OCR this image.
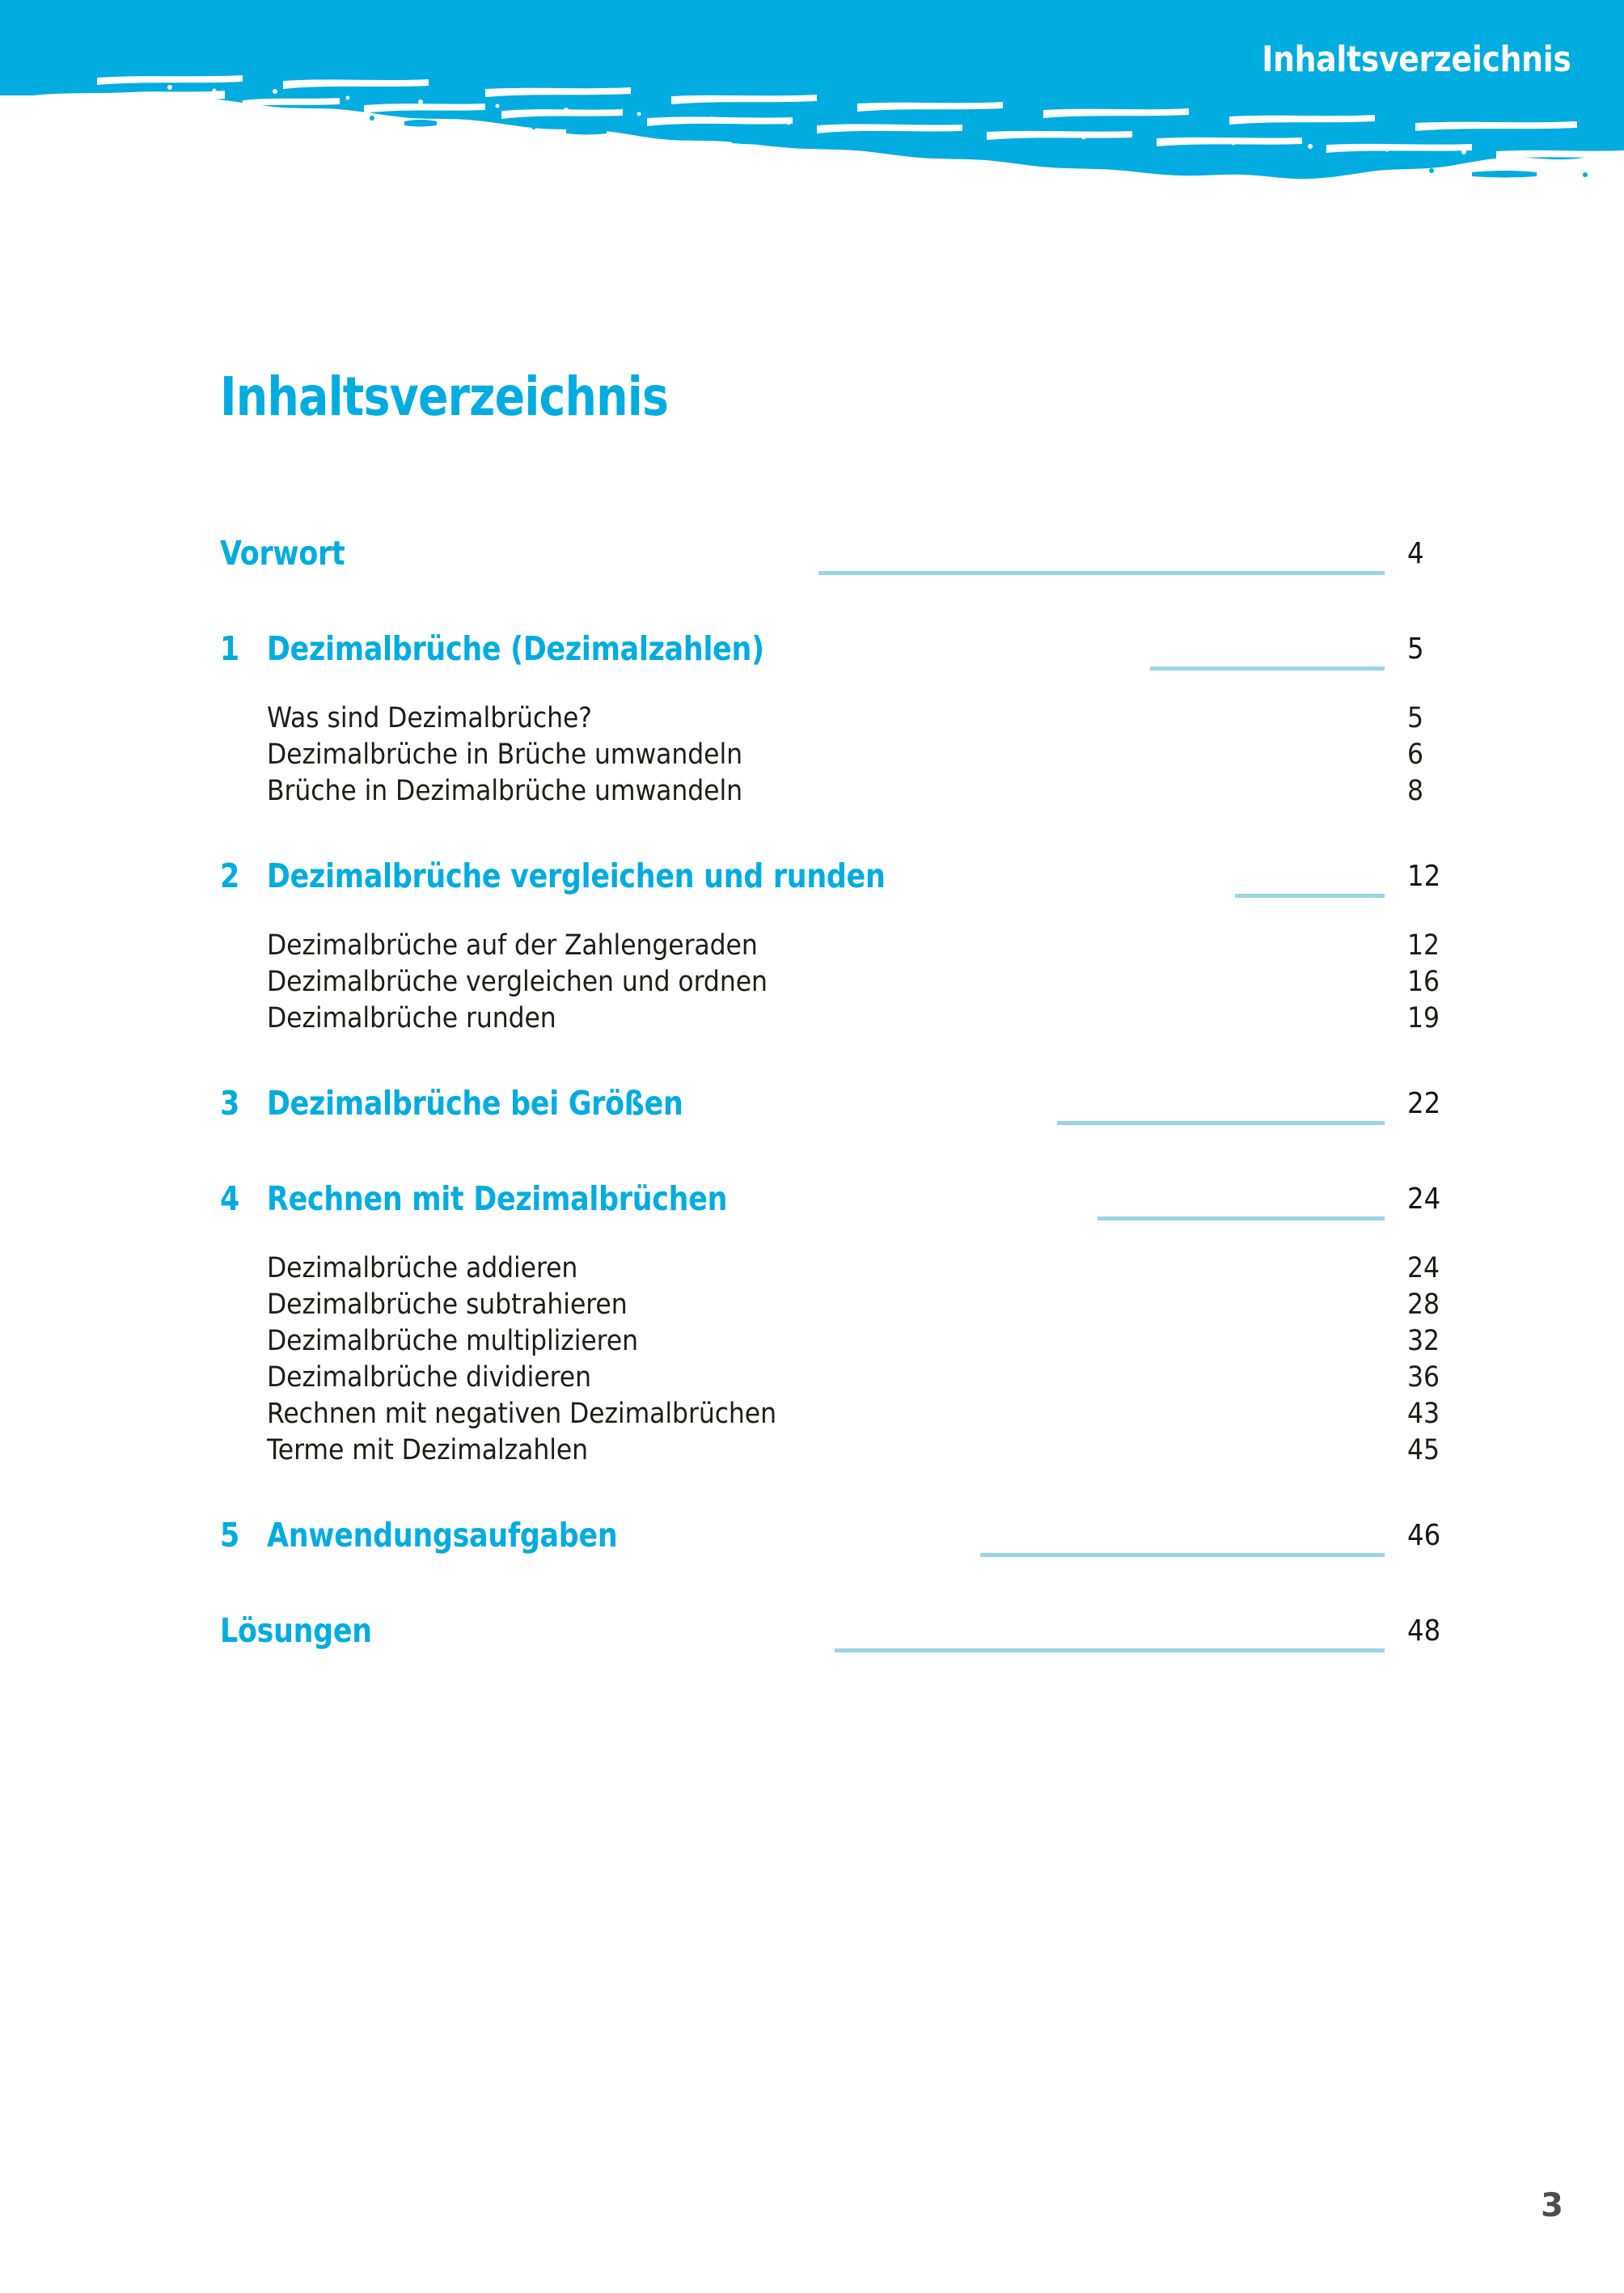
Inhaltsverzeichnis
Inhaltsverzeichnis
Vorwort	4
1 Dezimalbrüche (Dezimalzahlen)	5
Was sind Dezimalbrüche?	5
Dezimalbrüche in Brüche umwandeln	6
Brüche in Dezimalbrüche umwandeln	8
2 Dezimalbrüche vergleichen und runden	12
Dezimalbrüche auf der Zahlengeraden	12
Dezimalbrüche vergleichen und ordnen	16
Dezimalbrüche runden	19
3 Dezimalbrüche bei Größen	22
4 Rechnen mit Dezimalbrüchen	24
Dezimalbrüche addieren	24
Dezimalbrüche subtrahieren	28
Dezimalbrüche multiplizieren	32
Dezimalbrüche dividieren	36
Rechnen mit negativen Dezimalbrüchen	43
Terme mit Dezimalzahlen	45
5 Anwendungsaufgaben	46
Lösungen	48
3
